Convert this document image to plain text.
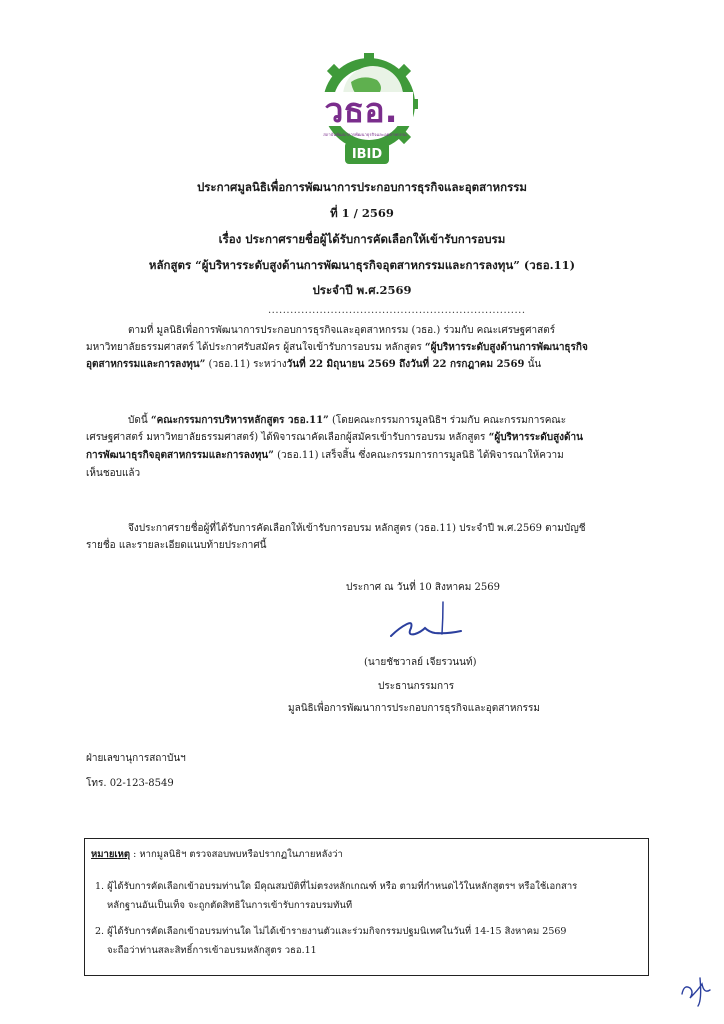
วธอ.
สถาบันพัฒนาการพัฒนาธุรกิจและอุตสาหกรรม
IBID
ประกาศมูลนิธิเพื่อการพัฒนาการประกอบการธุรกิจและอุตสาหกรรม
ที่ 1 / 2569
เรื่อง ประกาศรายชื่อผู้ได้รับการคัดเลือกให้เข้ารับการอบรม
หลักสูตร “ผู้บริหารระดับสูงด้านการพัฒนาธุรกิจอุตสาหกรรมและการลงทุน” (วธอ.11)
ประจำปี พ.ศ.2569
......................................................................
ตามที่ มูลนิธิเพื่อการพัฒนาการประกอบการธุรกิจและอุตสาหกรรม (วธอ.) ร่วมกับ คณะเศรษฐศาสตร์
มหาวิทยาลัยธรรมศาสตร์ ได้ประกาศรับสมัคร ผู้สนใจเข้ารับการอบรม หลักสูตร “ผู้บริหารระดับสูงด้านการพัฒนาธุรกิจ
อุตสาหกรรมและการลงทุน” (วธอ.11) ระหว่างวันที่ 22 มิถุนายน 2569 ถึงวันที่ 22 กรกฎาคม 2569 นั้น
บัดนี้ “คณะกรรมการบริหารหลักสูตร วธอ.11” (โดยคณะกรรมการมูลนิธิฯ ร่วมกับ คณะกรรมการคณะ
เศรษฐศาสตร์ มหาวิทยาลัยธรรมศาสตร์) ได้พิจารณาคัดเลือกผู้สมัครเข้ารับการอบรม หลักสูตร “ผู้บริหารระดับสูงด้าน
การพัฒนาธุรกิจอุตสาหกรรมและการลงทุน” (วธอ.11) เสร็จสิ้น ซึ่งคณะกรรมการการมูลนิธิ ได้พิจารณาให้ความ
เห็นชอบแล้ว
จึงประกาศรายชื่อผู้ที่ได้รับการคัดเลือกให้เข้ารับการอบรม หลักสูตร (วธอ.11) ประจำปี พ.ศ.2569 ตามบัญชี
รายชื่อ และรายละเอียดแนบท้ายประกาศนี้
ประกาศ ณ วันที่ 10 สิงหาคม 2569
(นายชัชวาลย์ เจียรวนนท์)
ประธานกรรมการ
มูลนิธิเพื่อการพัฒนาการประกอบการธุรกิจและอุตสาหกรรม
ฝ่ายเลขานุการสถาบันฯ
โทร. 02-123-8549
หมายเหตุ : หากมูลนิธิฯ ตรวจสอบพบหรือปรากฏในภายหลังว่า
1. ผู้ได้รับการคัดเลือกเข้าอบรมท่านใด มีคุณสมบัติที่ไม่ตรงหลักเกณฑ์ หรือ ตามที่กำหนดไว้ในหลักสูตรฯ หรือใช้เอกสาร
หลักฐานอันเป็นเท็จ จะถูกตัดสิทธิในการเข้ารับการอบรมทันที
2. ผู้ได้รับการคัดเลือกเข้าอบรมท่านใด ไม่ได้เข้ารายงานตัวและร่วมกิจกรรมปฐมนิเทศในวันที่ 14-15 สิงหาคม 2569
จะถือว่าท่านสละสิทธิ์การเข้าอบรมหลักสูตร วธอ.11
